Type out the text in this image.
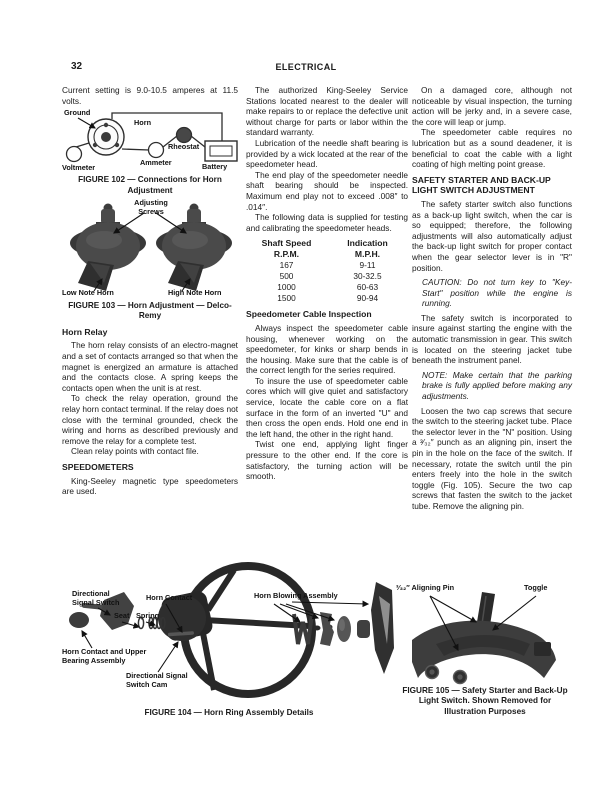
32	ELECTRICAL

Current setting is 9.0-10.5 amperes at 11.5 volts.

Ground
Horn
Rheostat
Ammeter
Voltmeter	Battery
FIGURE 102 — Connections for Horn Adjustment
Adjusting Screws
Low Note Horn	High Note Horn
FIGURE 103 — Horn Adjustment — Delco-Remy
Horn Relay

The horn relay consists of an electro-magnet and a set of contacts arranged so that when the magnet is energized an armature is attached and the contacts close. A spring keeps the contacts open when the unit is at rest.

To check the relay operation, ground the relay horn contact terminal. If the relay does not close with the terminal grounded, check the wiring and horns as described previously and remove the relay for a complete test.

Clean relay points with contact file.

SPEEDOMETERS

King-Seeley magnetic type speedometers are used.

The authorized King-Seeley Service Stations located nearest to the dealer will make repairs to or replace the defective unit without charge for parts or labor within the standard warranty.

Lubrication of the needle shaft bearing is provided by a wick located at the rear of the speedometer head.

The end play of the speedometer needle shaft bearing should be inspected. Maximum end play not to exceed .008″ to .014″.

The following data is supplied for testing and calibrating the speedometer heads.

Shaft Speed	Indication
R.P.M.	M.P.H.
167	9-11
500	30-32.5
1000	60-63
1500	90-94
Speedometer Cable Inspection

Always inspect the speedometer cable housing, whenever working on the speedometer, for kinks or sharp bends in the housing. Make sure that the cable is of the correct length for the series required.

To insure the use of speedometer cable cores which will give quiet and satisfactory service, locate the cable core on a flat surface in the form of an inverted "U" and then cross the open ends. Hold one end in the left hand, the other in the right hand.

Twist one end, applying light finger pressure to the other end. If the core is satisfactory, the turning action will be smooth.

On a damaged core, although not noticeable by visual inspection, the turning action will be jerky and, in a severe case, the core will leap or jump.

The speedometer cable requires no lubrication but as a sound deadener, it is beneficial to coat the cable with a light coating of high melting point grease.

SAFETY STARTER AND BACK-UP LIGHT SWITCH ADJUSTMENT

The safety starter switch also functions as a back-up light switch, when the car is so equipped; therefore, the following adjustments will also automatically adjust the back-up light switch for proper contact when the gear selector lever is in "R" position.

CAUTION: Do not turn key to "Key-Start" position while the engine is running.

The safety switch is incorporated to insure against starting the engine with the automatic transmission in gear. This switch is located on the steering jacket tube beneath the instrument panel.

NOTE: Make certain that the parking brake is fully applied before making any adjustments.

Loosen the two cap screws that secure the switch to the steering jacket tube. Place the selector lever in the "N" position. Using a ³⁄₃₂″ punch as an aligning pin, insert the pin in the hole on the face of the switch. If necessary, rotate the switch until the pin enters freely into the hole in the switch toggle (Fig. 105). Secure the two cap screws that fasten the switch to the jacket tube. Remove the aligning pin.

Directional Signal Switch
Seat Spring
Horn Contact
Horn Contact and Upper Bearing Assembly
Directional Signal Switch Cam
Horn Blowing Assembly
FIGURE 104 — Horn Ring Assembly Details
³⁄₃₂″ Aligning Pin	Toggle
FIGURE 105 — Safety Starter and Back-Up Light Switch. Shown Removed for Illustration Purposes
